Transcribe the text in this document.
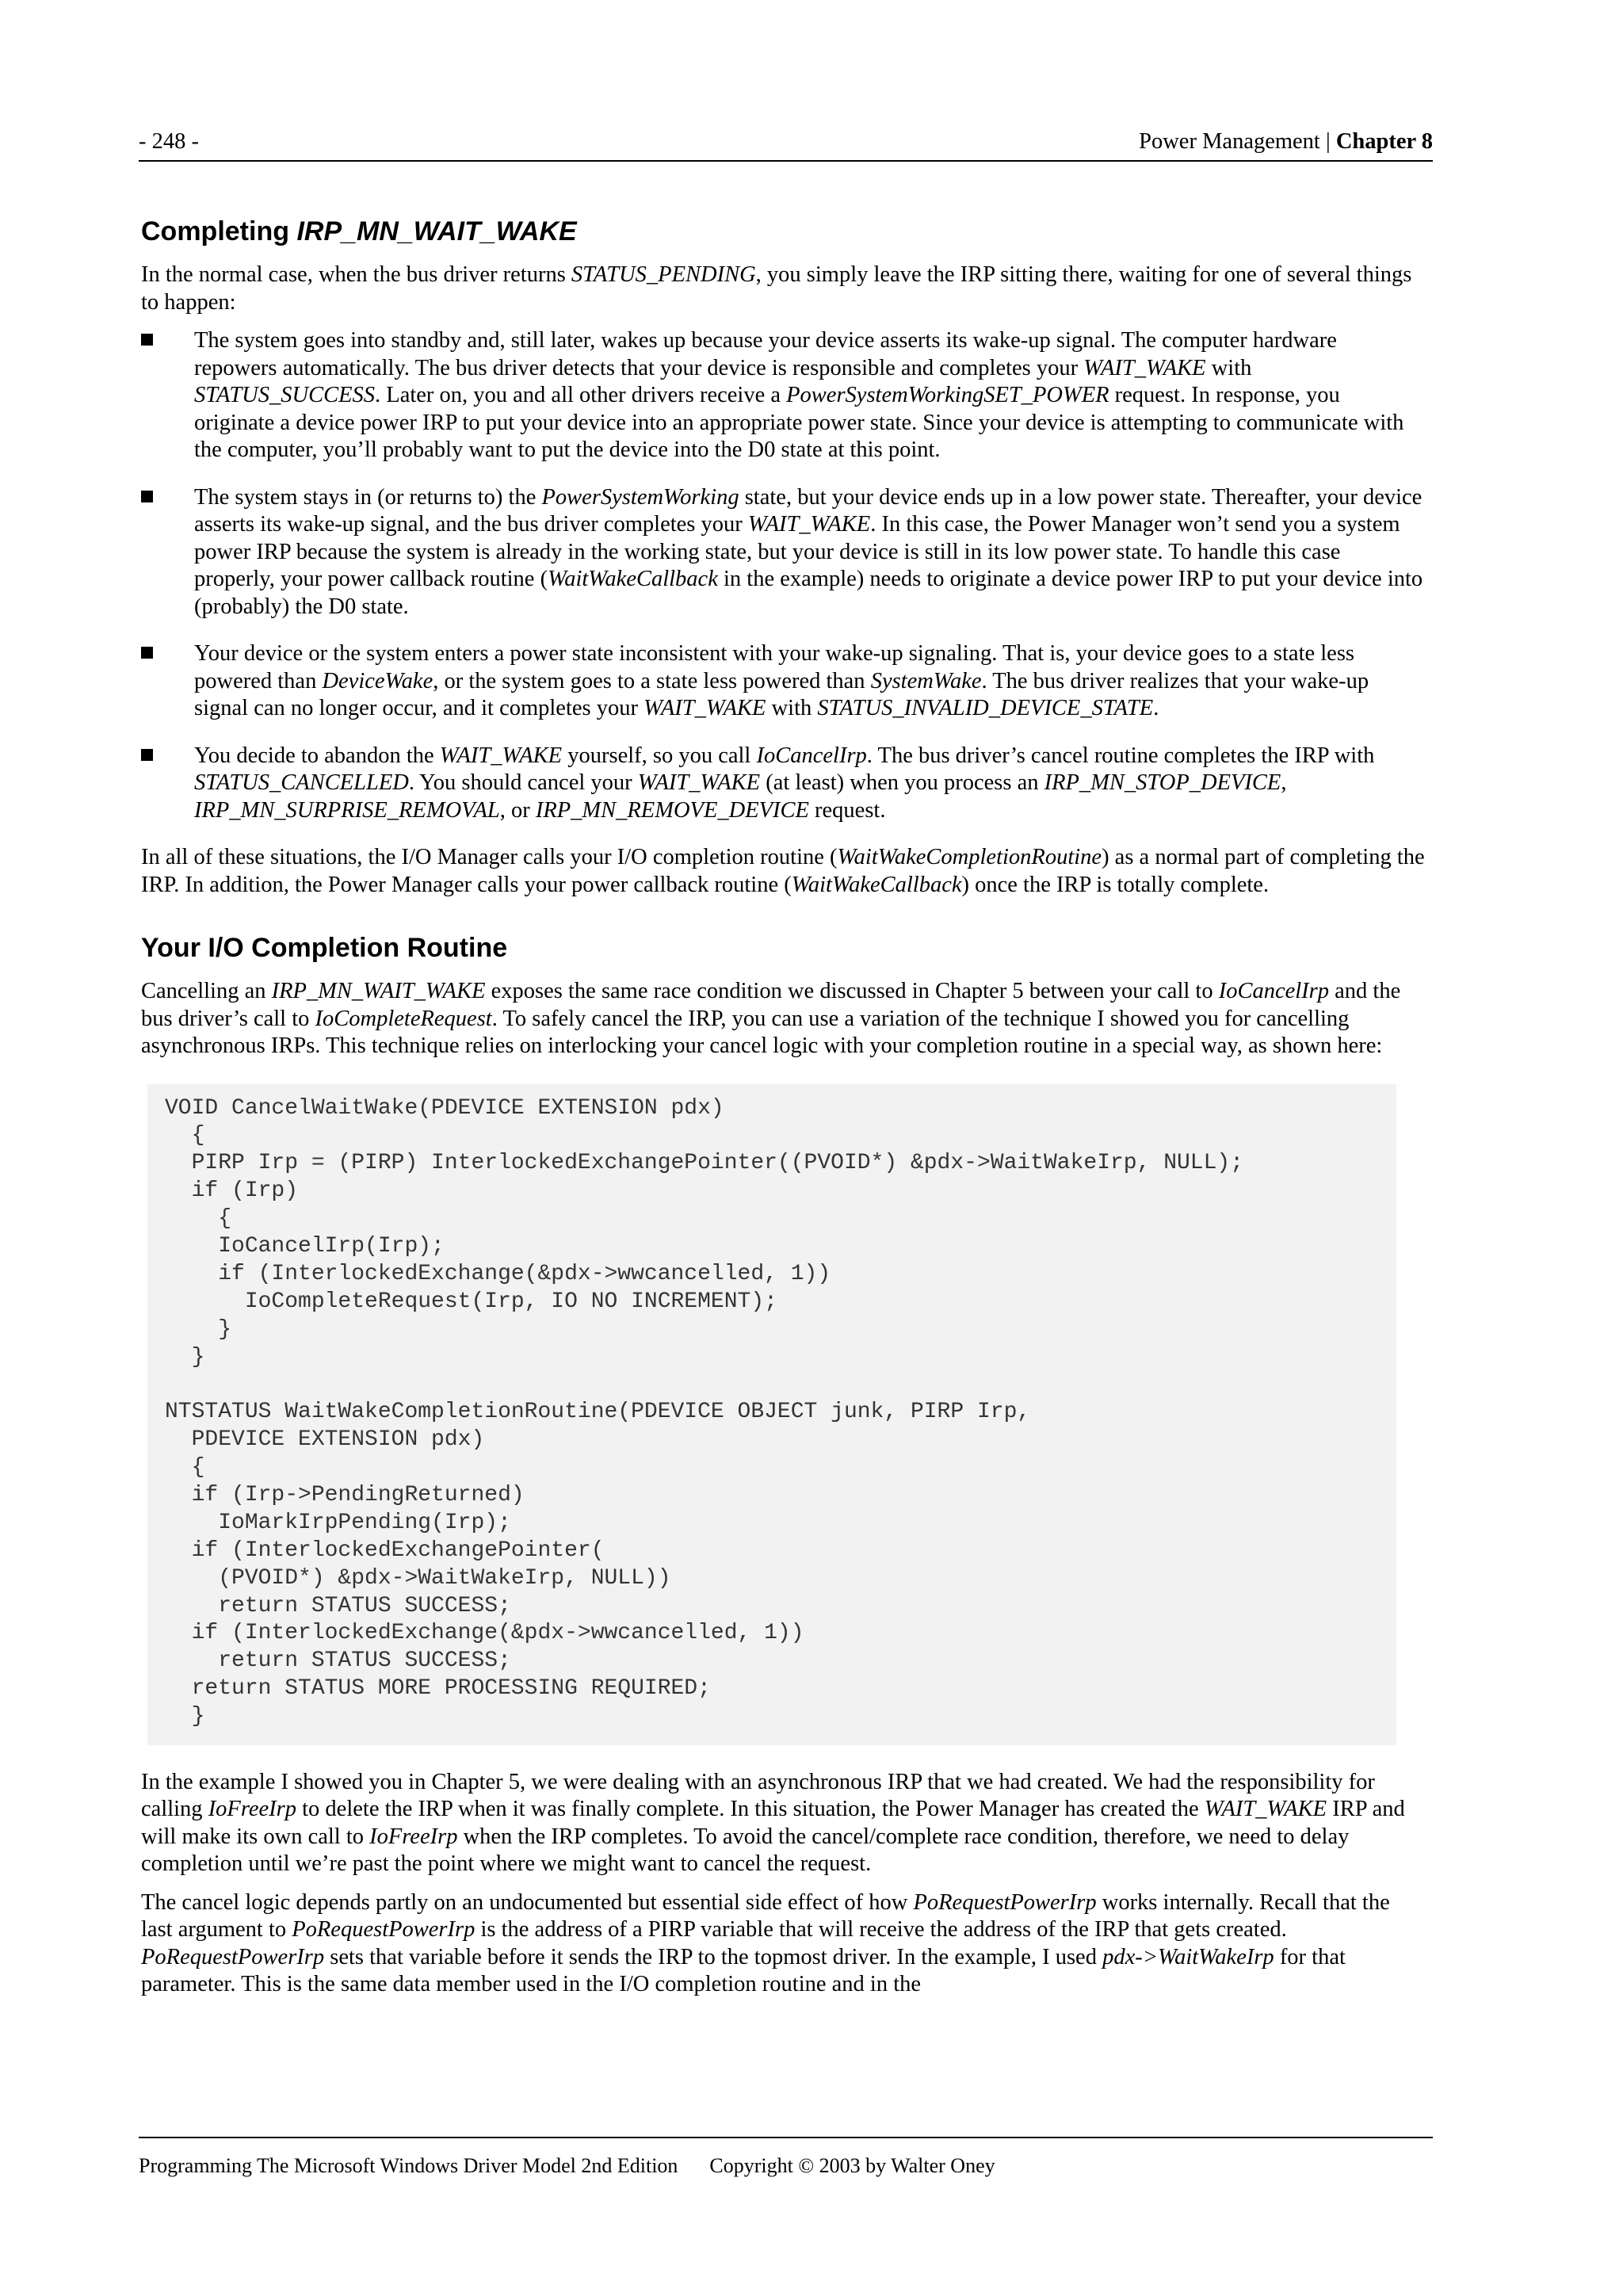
- 248 -	Power Management | Chapter 8
Completing IRP_MN_WAIT_WAKE

In the normal case, when the bus driver returns STATUS_PENDING, you simply leave the IRP sitting there, waiting for one of several things to happen:

The system goes into standby and, still later, wakes up because your device asserts its wake-up signal. The computer hardware repowers automatically. The bus driver detects that your device is responsible and completes your WAIT_WAKE with STATUS_SUCCESS. Later on, you and all other drivers receive a PowerSystemWorkingSET_POWER request. In response, you originate a device power IRP to put your device into an appropriate power state. Since your device is attempting to communicate with the computer, you’ll probably want to put the device into the D0 state at this point.
The system stays in (or returns to) the PowerSystemWorking state, but your device ends up in a low power state. Thereafter, your device asserts its wake-up signal, and the bus driver completes your WAIT_WAKE. In this case, the Power Manager won’t send you a system power IRP because the system is already in the working state, but your device is still in its low power state. To handle this case properly, your power callback routine (WaitWakeCallback in the example) needs to originate a device power IRP to put your device into (probably) the D0 state.
Your device or the system enters a power state inconsistent with your wake-up signaling. That is, your device goes to a state less powered than DeviceWake, or the system goes to a state less powered than SystemWake. The bus driver realizes that your wake-up signal can no longer occur, and it completes your WAIT_WAKE with STATUS_INVALID_DEVICE_STATE.
You decide to abandon the WAIT_WAKE yourself, so you call IoCancelIrp. The bus driver’s cancel routine completes the IRP with STATUS_CANCELLED. You should cancel your WAIT_WAKE (at least) when you process an IRP_MN_STOP_DEVICE, IRP_MN_SURPRISE_REMOVAL, or IRP_MN_REMOVE_DEVICE request.

In all of these situations, the I/O Manager calls your I/O completion routine (WaitWakeCompletionRoutine) as a normal part of completing the IRP. In addition, the Power Manager calls your power callback routine (WaitWakeCallback) once the IRP is totally complete.

Your I/O Completion Routine

Cancelling an IRP_MN_WAIT_WAKE exposes the same race condition we discussed in Chapter 5 between your call to IoCancelIrp and the bus driver’s call to IoCompleteRequest. To safely cancel the IRP, you can use a variation of the technique I showed you for cancelling asynchronous IRPs. This technique relies on interlocking your cancel logic with your completion routine in a special way, as shown here:

VOID CancelWaitWake(PDEVICE EXTENSION pdx)
{
PIRP Irp = (PIRP) InterlockedExchangePointer((PVOID*) &pdx->WaitWakeIrp, NULL);
if (Irp)
{
IoCancelIrp(Irp);
if (InterlockedExchange(&pdx->wwcancelled, 1))
IoCompleteRequest(Irp, IO NO INCREMENT);
}
}
NTSTATUS WaitWakeCompletionRoutine(PDEVICE OBJECT junk, PIRP Irp,
PDEVICE EXTENSION pdx)
{
if (Irp->PendingReturned)
IoMarkIrpPending(Irp);
if (InterlockedExchangePointer(
(PVOID*) &pdx->WaitWakeIrp, NULL))
return STATUS SUCCESS;
if (InterlockedExchange(&pdx->wwcancelled, 1))
return STATUS SUCCESS;
return STATUS MORE PROCESSING REQUIRED;
}

In the example I showed you in Chapter 5, we were dealing with an asynchronous IRP that we had created. We had the responsibility for calling IoFreeIrp to delete the IRP when it was finally complete. In this situation, the Power Manager has created the WAIT_WAKE IRP and will make its own call to IoFreeIrp when the IRP completes. To avoid the cancel/complete race condition, therefore, we need to delay completion until we’re past the point where we might want to cancel the request.

The cancel logic depends partly on an undocumented but essential side effect of how PoRequestPowerIrp works internally. Recall that the last argument to PoRequestPowerIrp is the address of a PIRP variable that will receive the address of the IRP that gets created. PoRequestPowerIrp sets that variable before it sends the IRP to the topmost driver. In the example, I used pdx->WaitWakeIrp for that parameter. This is the same data member used in the I/O completion routine and in the

Programming The Microsoft Windows Driver Model 2nd Edition Copyright © 2003 by Walter Oney
